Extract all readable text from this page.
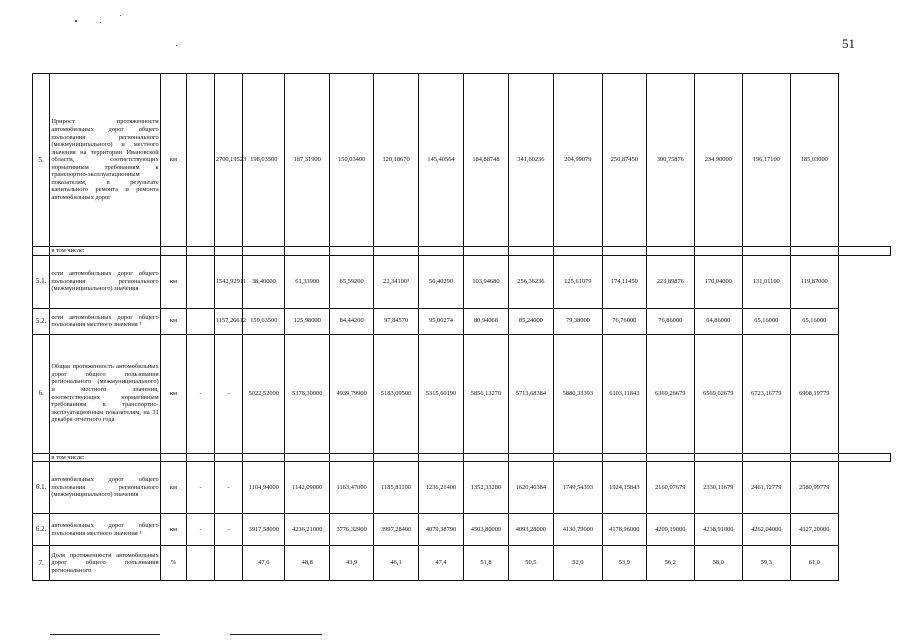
51
5.	Прирост протяженности автомобильных дорог общего пользования регионального (межмуниципального) и местного значения на территории Ивановской области, соответствующих нормативным требованиям к транспортно-эксплуатационным показателям, в результате капитального ремонта и ремонта автомобильных дорог	км		2700,19523	198,03500	187,31900	150,03400	120,18670	145,40564	184,88748	341,60236	204,99079	250,87450	300,75876	234,90000	196,17100	185,03000	
	в том числе:																	
5.1.	сети автомобильных дорог общего пользования регионального (межмуниципального) значения	км		1542,92911	38,40000	61,33900	65,59200	22,34100³	50,40290	103,94680	256,36236	125,61079	174,11450	223,89876	170,04000	131,01100	119,87000	
5.2.	сети автомобильных дорог общего пользования местного значения ³	км		1157,26612	159,63500	125,98000	84,44200	97,84570	95,00274	80,94068	85,24000	79,38000	76,76000	76,86000	64,86000	65,16000	65,16000	
6.	Общая протяженность автомобильных дорог общего пользования регионального (межмуниципального) и местного значения, соответствующих нормативным требованиям к транспортно-эксплуатационным показателям, на 31 декабря отчетного года	км	-	-	5022,52000	5378,30000	4939,79900	5183,09500	5315,60190	5856,13270	5713,68384	5880,33393	6103,11843	6369,26679	6569,02679	6723,16779	6908,19779	
	в том числе:																	
6.1.	автомобильных дорог общего пользования регионального (межмуниципального) значения	км	-	-	1104,94000	1142,09000	1163,47000	1185,81100	1236,21400	1352,33280	1620,40384	1749,54393	1924,15843	2160,07679	2330,11679	2461,12779	2580,99779	
6.2.	автомобильных дорог общего пользования местного значения ³	км	-	-	3917,58000	4236,21000	3776,32900	3997,28400	4079,38790	4503,80000	4093,28000	4130,79000	4178,96000	4209,19000	4238,91000	4262,04000	4327,20000	
7.	Доля протяженности автомобильных дорог общего пользования регионального	%			47,6	48,8	43,9	46,1	47,4	51,8	50,5	52,0	53,9	56,2	58,0	59,3	61,0	
